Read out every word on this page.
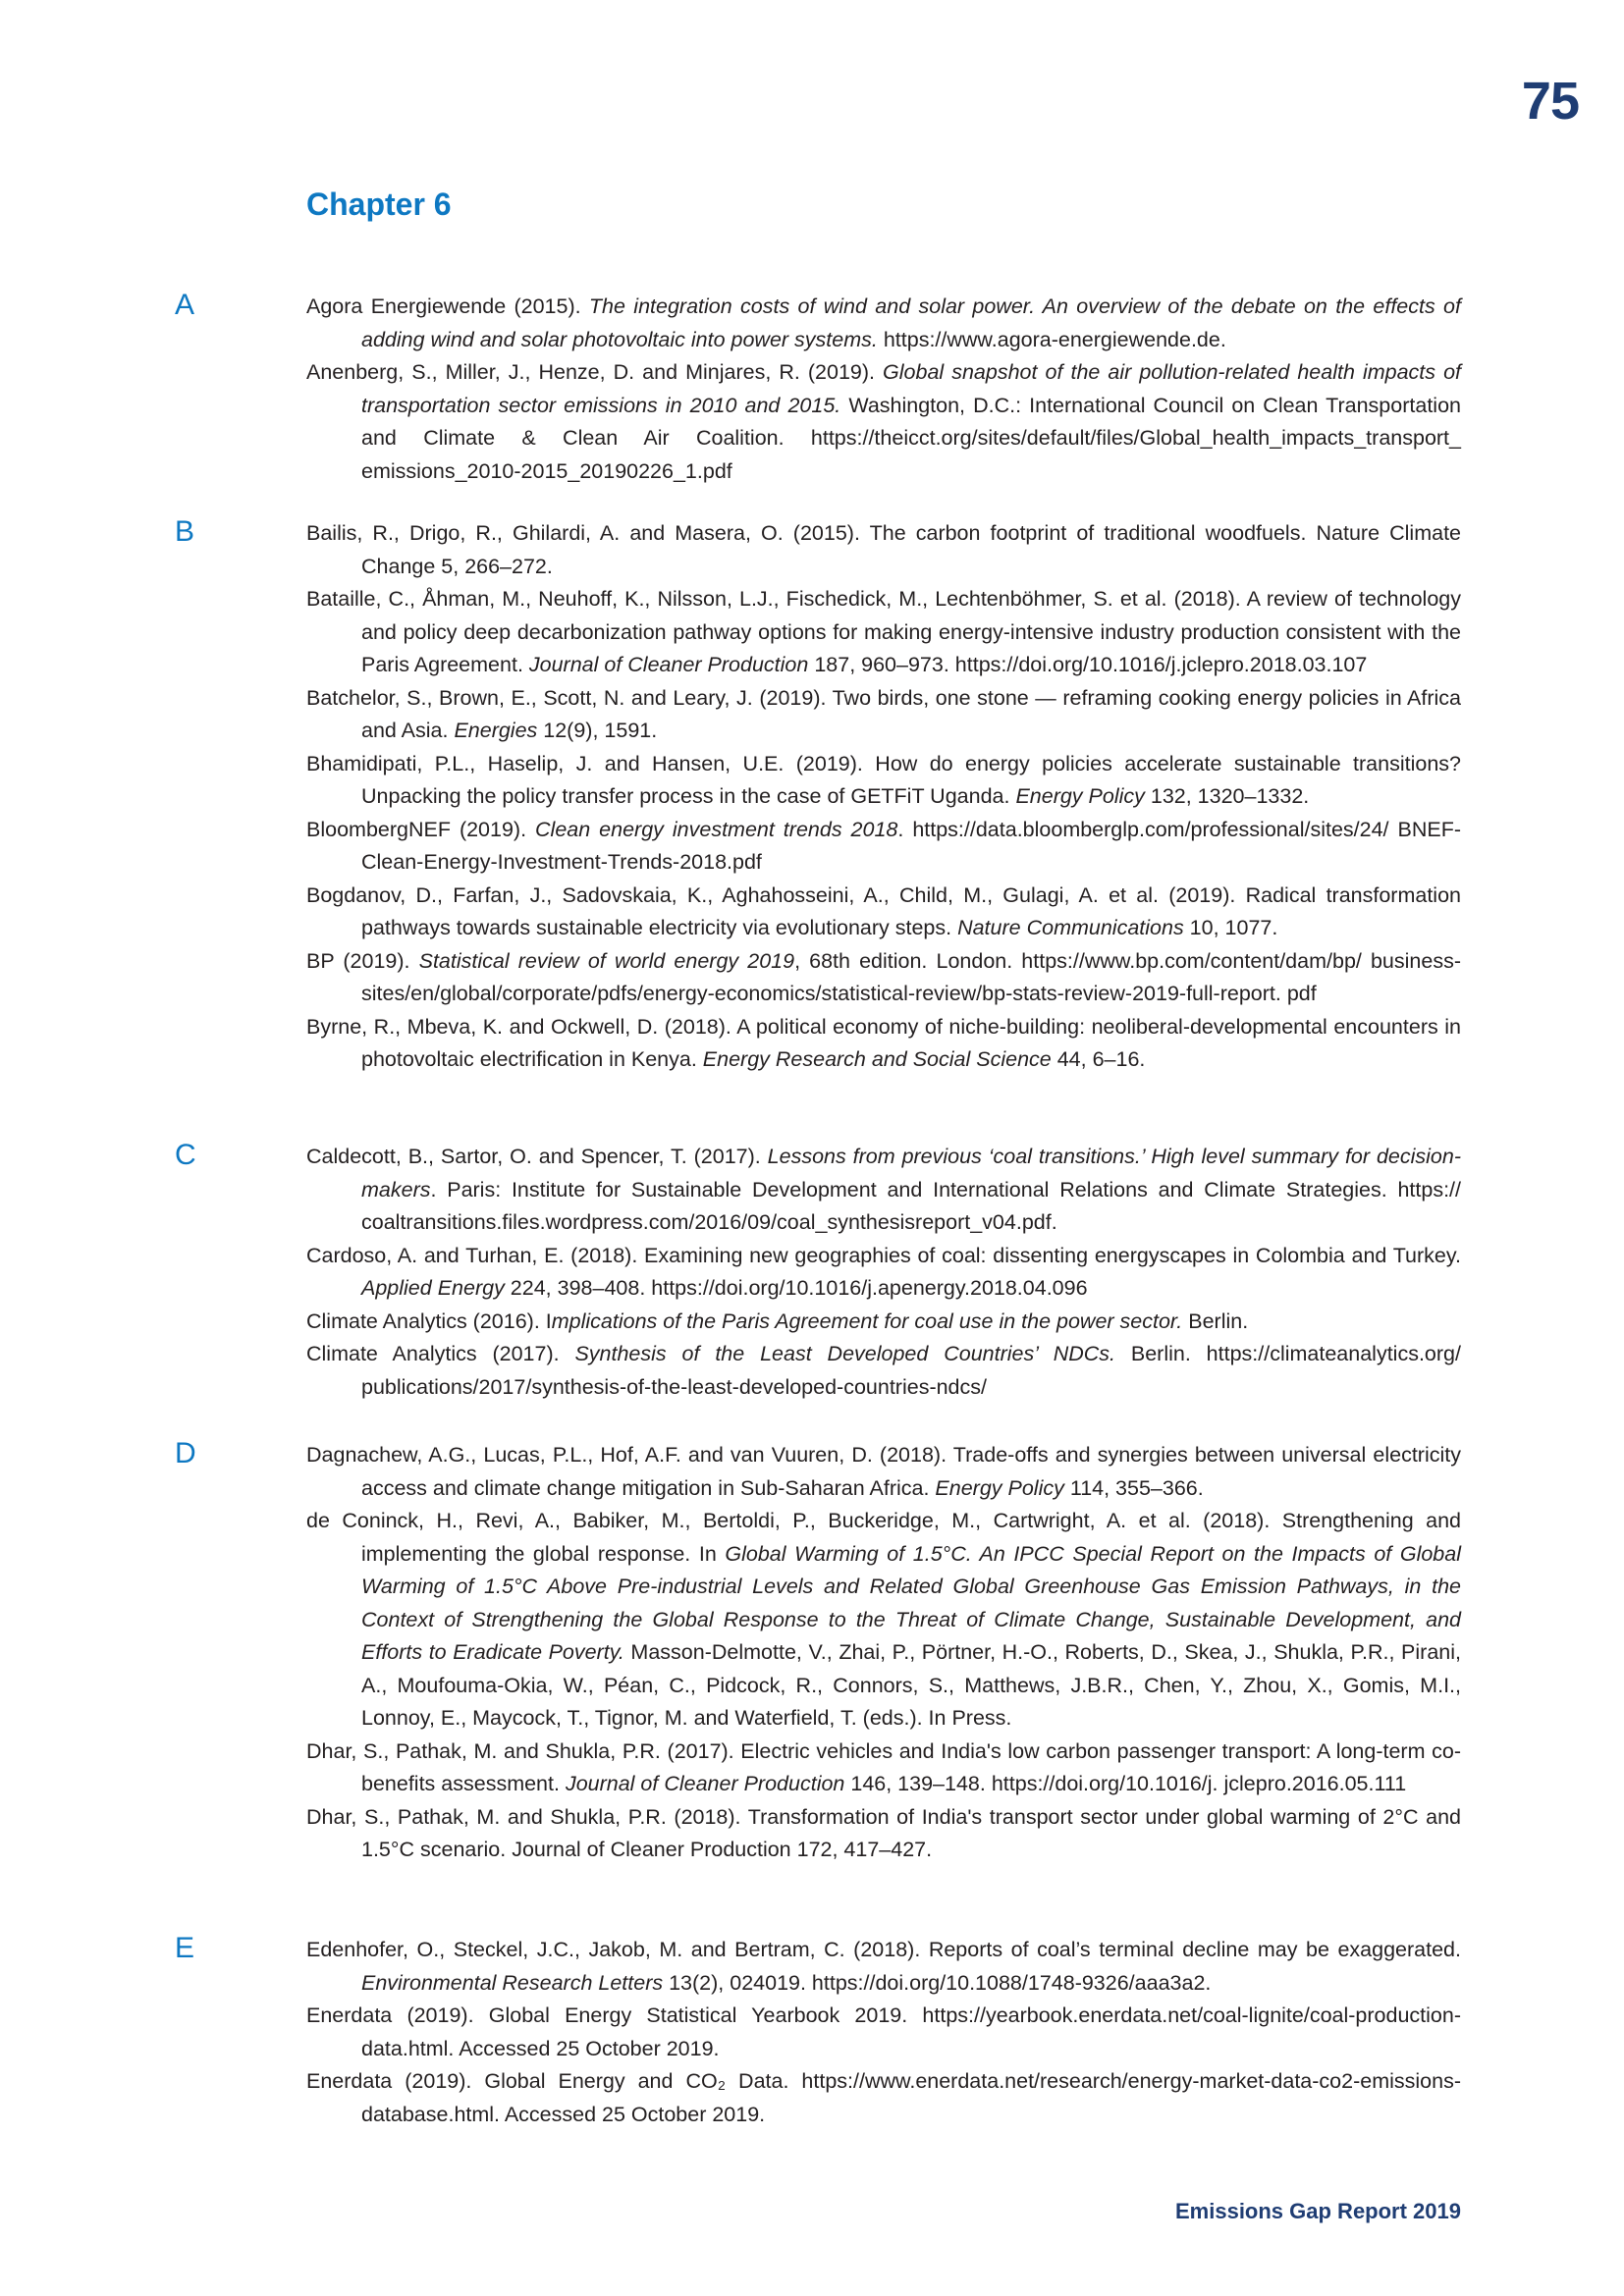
75
Chapter 6
A	Agora Energiewende (2015). The integration costs of wind and solar power. An overview of the debate on the effects of adding wind and solar photovoltaic into power systems. https://www.agora-energiewende.de.

Anenberg, S., Miller, J., Henze, D. and Minjares, R. (2019). Global snapshot of the air pollution-related health impacts of transportation sector emissions in 2010 and 2015. Washington, D.C.: International Council on Clean Transportation and Climate & Clean Air Coalition. https://theicct.org/sites/default/files/Global_health_impacts_transport_ emissions_2010-2015_20190226_1.pdf

B	Bailis, R., Drigo, R., Ghilardi, A. and Masera, O. (2015). The carbon footprint of traditional woodfuels. Nature Climate Change 5, 266–272.

Bataille, C., Åhman, M., Neuhoff, K., Nilsson, L.J., Fischedick, M., Lechtenböhmer, S. et al. (2018). A review of technology and policy deep decarbonization pathway options for making energy-intensive industry production consistent with the Paris Agreement. Journal of Cleaner Production 187, 960–973. https://doi.org/10.1016/j.jclepro.2018.03.107

Batchelor, S., Brown, E., Scott, N. and Leary, J. (2019). Two birds, one stone — reframing cooking energy policies in Africa and Asia. Energies 12(9), 1591.

Bhamidipati, P.L., Haselip, J. and Hansen, U.E. (2019). How do energy policies accelerate sustainable transitions? Unpacking the policy transfer process in the case of GETFiT Uganda. Energy Policy 132, 1320–1332.

BloombergNEF (2019). Clean energy investment trends 2018. https://data.bloomberglp.com/professional/sites/24/ BNEF-Clean-Energy-Investment-Trends-2018.pdf

Bogdanov, D., Farfan, J., Sadovskaia, K., Aghahosseini, A., Child, M., Gulagi, A. et al. (2019). Radical transformation pathways towards sustainable electricity via evolutionary steps. Nature Communications 10, 1077.

BP (2019). Statistical review of world energy 2019, 68th edition. London. https://www.bp.com/content/dam/bp/ business-sites/en/global/corporate/pdfs/energy-economics/statistical-review/bp-stats-review-2019-full-report. pdf

Byrne, R., Mbeva, K. and Ockwell, D. (2018). A political economy of niche-building: neoliberal-developmental encounters in photovoltaic electrification in Kenya. Energy Research and Social Science 44, 6–16.

C	Caldecott, B., Sartor, O. and Spencer, T. (2017). Lessons from previous ‘coal transitions.’ High level summary for decision-makers. Paris: Institute for Sustainable Development and International Relations and Climate Strategies. https:// coaltransitions.files.wordpress.com/2016/09/coal_synthesisreport_v04.pdf.

Cardoso, A. and Turhan, E. (2018). Examining new geographies of coal: dissenting energyscapes in Colombia and Turkey. Applied Energy 224, 398–408. https://doi.org/10.1016/j.apenergy.2018.04.096

Climate Analytics (2016). Implications of the Paris Agreement for coal use in the power sector. Berlin.

Climate Analytics (2017). Synthesis of the Least Developed Countries’ NDCs. Berlin. https://climateanalytics.org/ publications/2017/synthesis-of-the-least-developed-countries-ndcs/

D	Dagnachew, A.G., Lucas, P.L., Hof, A.F. and van Vuuren, D. (2018). Trade-offs and synergies between universal electricity access and climate change mitigation in Sub-Saharan Africa. Energy Policy 114, 355–366.

de Coninck, H., Revi, A., Babiker, M., Bertoldi, P., Buckeridge, M., Cartwright, A. et al. (2018). Strengthening and implementing the global response. In Global Warming of 1.5°C. An IPCC Special Report on the Impacts of Global Warming of 1.5°C Above Pre-industrial Levels and Related Global Greenhouse Gas Emission Pathways, in the Context of Strengthening the Global Response to the Threat of Climate Change, Sustainable Development, and Efforts to Eradicate Poverty. Masson-Delmotte, V., Zhai, P., Pörtner, H.-O., Roberts, D., Skea, J., Shukla, P.R., Pirani, A., Moufouma-Okia, W., Péan, C., Pidcock, R., Connors, S., Matthews, J.B.R., Chen, Y., Zhou, X., Gomis, M.I., Lonnoy, E., Maycock, T., Tignor, M. and Waterfield, T. (eds.). In Press.

Dhar, S., Pathak, M. and Shukla, P.R. (2017). Electric vehicles and India's low carbon passenger transport: A long-term co-benefits assessment. Journal of Cleaner Production 146, 139–148. https://doi.org/10.1016/j. jclepro.2016.05.111

Dhar, S., Pathak, M. and Shukla, P.R. (2018). Transformation of India's transport sector under global warming of 2°C and 1.5°C scenario. Journal of Cleaner Production 172, 417–427.

E	Edenhofer, O., Steckel, J.C., Jakob, M. and Bertram, C. (2018). Reports of coal’s terminal decline may be exaggerated. Environmental Research Letters 13(2), 024019. https://doi.org/10.1088/1748-9326/aaa3a2.

Enerdata (2019). Global Energy Statistical Yearbook 2019. https://yearbook.enerdata.net/coal-lignite/coal-production-data.html. Accessed 25 October 2019.

Enerdata (2019). Global Energy and CO₂ Data. https://www.enerdata.net/research/energy-market-data-co2-emissions-database.html. Accessed 25 October 2019.

Emissions Gap Report 2019
